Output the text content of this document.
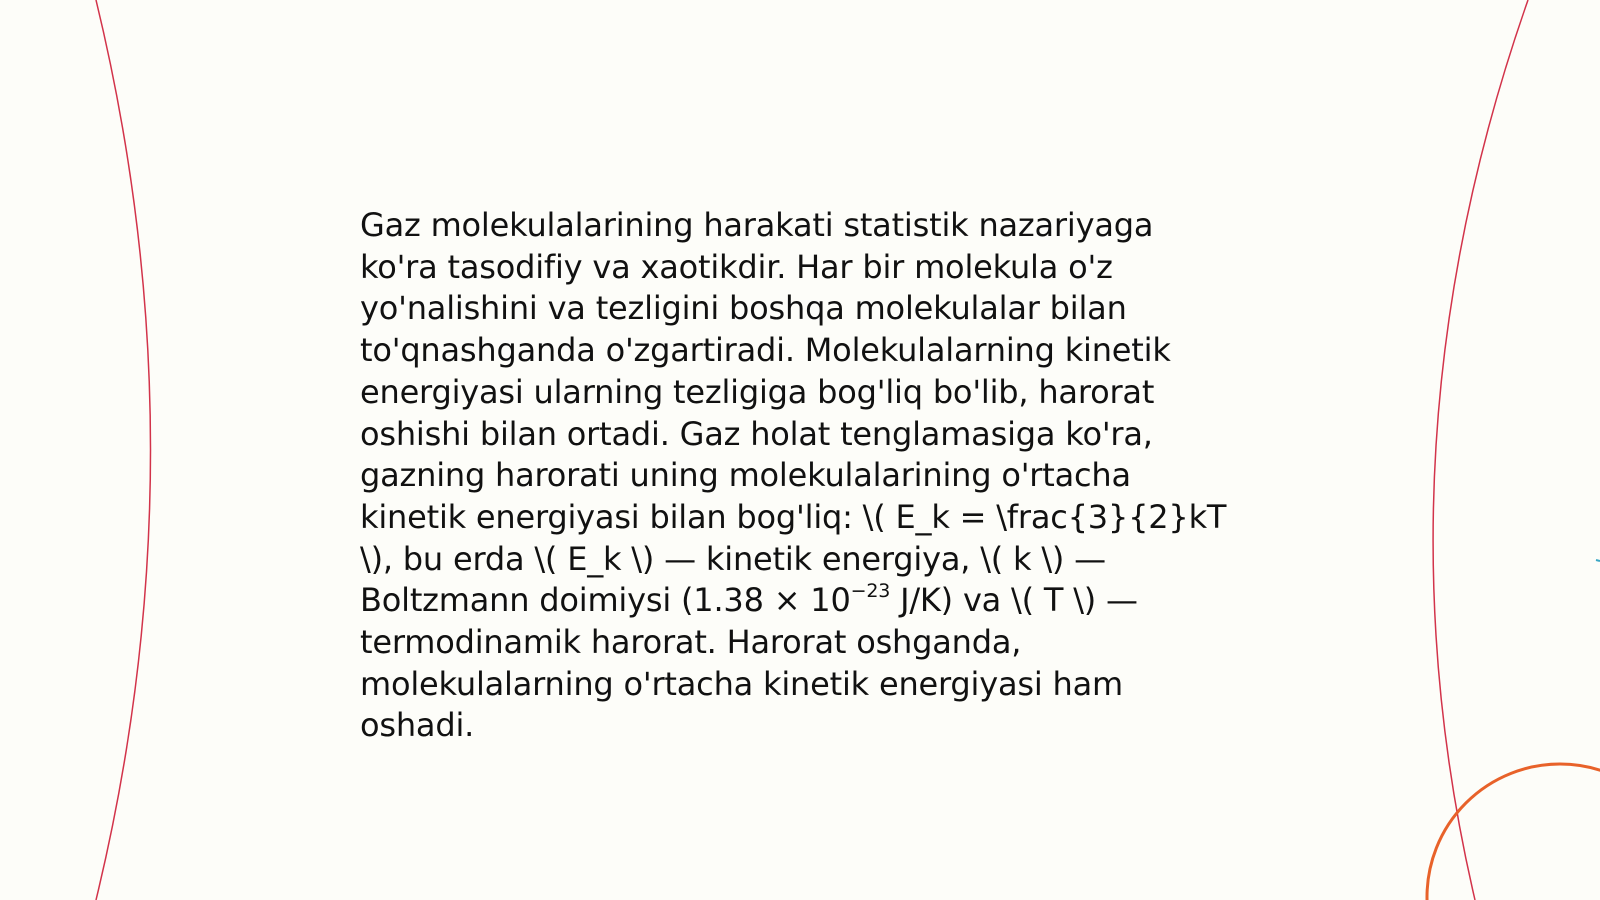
Gaz molekulalarining harakati statistik nazariyaga
ko'ra tasodifiy va xaotikdir. Har bir molekula o'z
yo'nalishini va tezligini boshqa molekulalar bilan
to'qnashganda o'zgartiradi. Molekulalarning kinetik
energiyasi ularning tezligiga bog'liq bo'lib, harorat
oshishi bilan ortadi. Gaz holat tenglamasiga ko'ra,
gazning harorati uning molekulalarining o'rtacha
kinetik energiyasi bilan bog'liq: \( E_k = \frac{3}{2}kT
\), bu erda \( E_k \) — kinetik energiya, \( k \) —
Boltzmann doimiysi ($1.38 \times 10^{-23}$ J/K) va \( T \) —
termodinamik harorat. Harorat oshganda,
molekulalarning o'rtacha kinetik energiyasi ham
oshadi.
